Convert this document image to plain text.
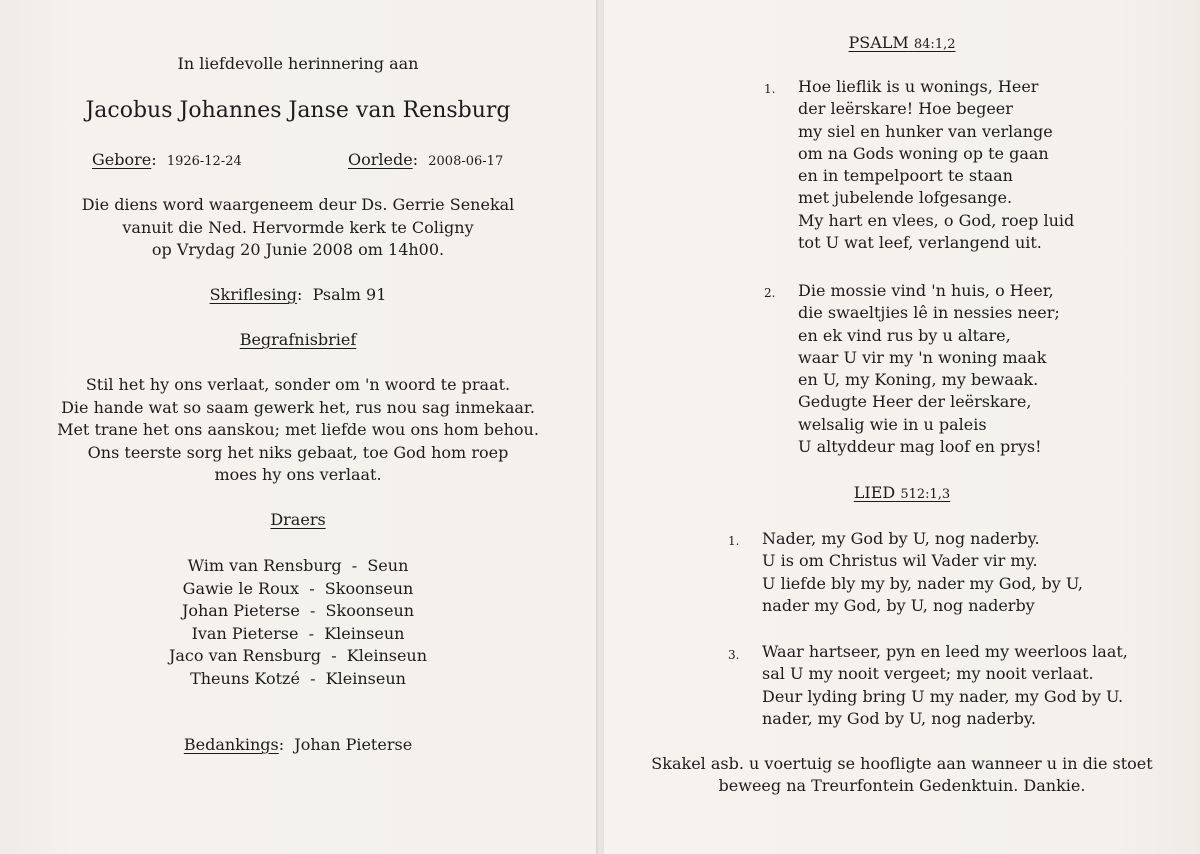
In liefdevolle herinnering aan
Jacobus Johannes Janse van Rensburg
Gebore:  1926-12-24	Oorlede:  2008-06-17
Die diens word waargeneem deur Ds. Gerrie Senekal
vanuit die Ned. Hervormde kerk te Coligny
op Vrydag 20 Junie 2008 om 14h00.
Skriflesing:  Psalm 91
Begrafnisbrief
Stil het hy ons verlaat, sonder om 'n woord te praat.
Die hande wat so saam gewerk het, rus nou sag inmekaar.
Met trane het ons aanskou; met liefde wou ons hom behou.
Ons teerste sorg het niks gebaat, toe God hom roep
moes hy ons verlaat.
Draers
Wim van Rensburg  -  Seun
Gawie le Roux  -  Skoonseun
Johan Pieterse  -  Skoonseun
Ivan Pieterse  -  Kleinseun
Jaco van Rensburg  -  Kleinseun
Theuns Kotzé  -  Kleinseun
Bedankings:  Johan Pieterse
PSALM 84:1,2
1. Hoe lieflik is u wonings, Heer
der leërskare! Hoe begeer
my siel en hunker van verlange
om na Gods woning op te gaan
en in tempelpoort te staan
met jubelende lofgesange.
My hart en vlees, o God, roep luid
tot U wat leef, verlangend uit.
2. Die mossie vind 'n huis, o Heer,
die swaeltjies lê in nessies neer;
en ek vind rus by u altare,
waar U vir my 'n woning maak
en U, my Koning, my bewaak.
Gedugte Heer der leërskare,
welsalig wie in u paleis
U altyddeur mag loof en prys!
LIED 512:1,3
1. Nader, my God by U, nog naderby.
U is om Christus wil Vader vir my.
U liefde bly my by, nader my God, by U,
nader my God, by U, nog naderby
3. Waar hartseer, pyn en leed my weerloos laat,
sal U my nooit vergeet; my nooit verlaat.
Deur lyding bring U my nader, my God by U.
nader, my God by U, nog naderby.
Skakel asb. u voertuig se hoofligte aan wanneer u in die stoet
beweeg na Treurfontein Gedenktuin. Dankie.
